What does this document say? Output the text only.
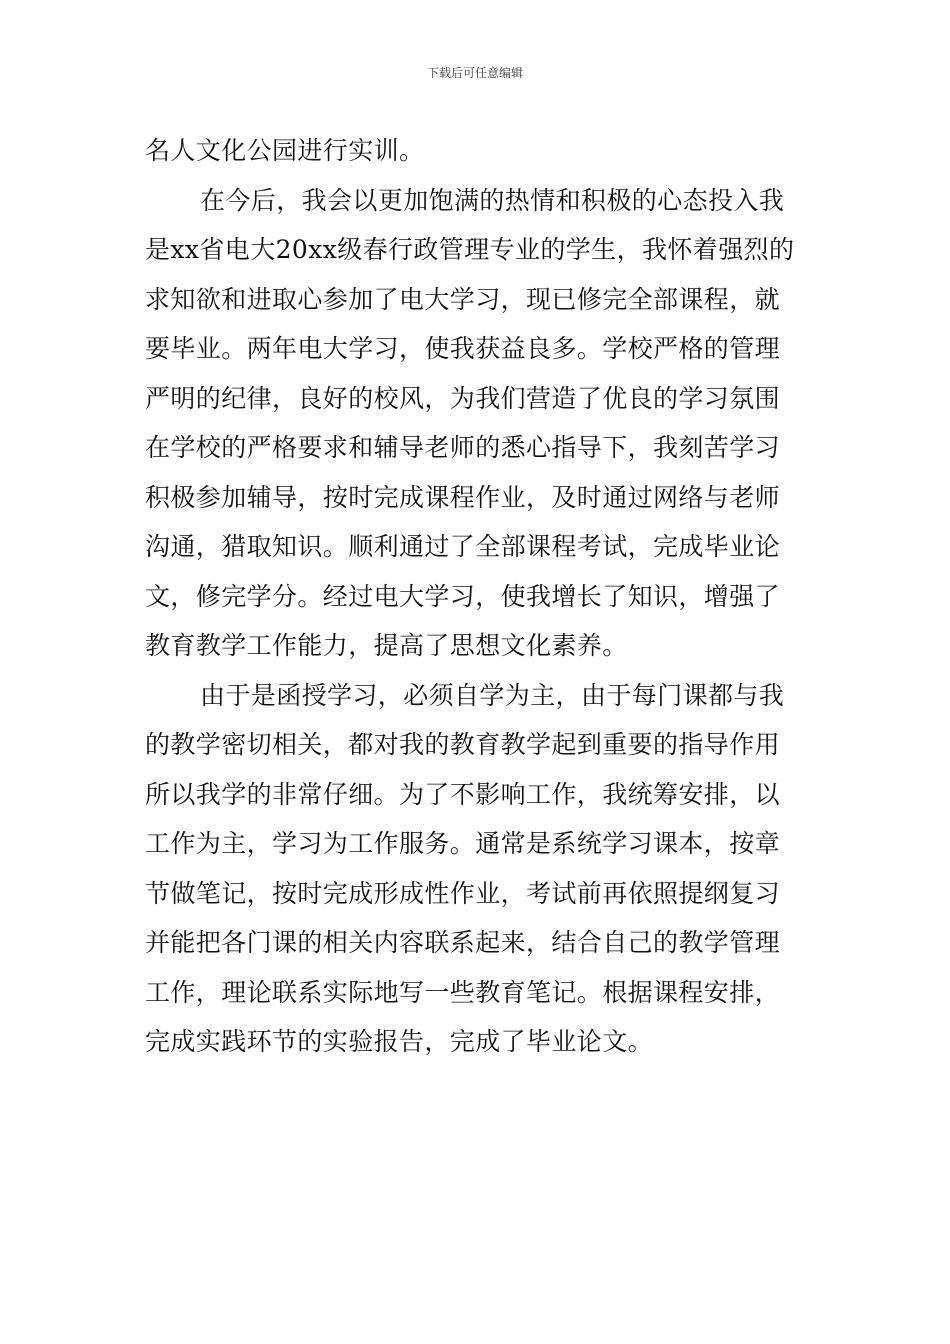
下载后可任意编辑
名人文化公园进行实训。
在今后，我会以更加饱满的热情和积极的心态投入我
是xx省电大20xx级春行政管理专业的学生，我怀着强烈的
求知欲和进取心参加了电大学习，现已修完全部课程，就
要毕业。两年电大学习，使我获益良多。学校严格的管理
严明的纪律，良好的校风，为我们营造了优良的学习氛围
在学校的严格要求和辅导老师的悉心指导下，我刻苦学习
积极参加辅导，按时完成课程作业，及时通过网络与老师
沟通，猎取知识。顺利通过了全部课程考试，完成毕业论
文，修完学分。经过电大学习，使我增长了知识，增强了
教育教学工作能力，提高了思想文化素养。
由于是函授学习，必须自学为主，由于每门课都与我
的教学密切相关，都对我的教育教学起到重要的指导作用
所以我学的非常仔细。为了不影响工作，我统筹安排，以
工作为主，学习为工作服务。通常是系统学习课本，按章
节做笔记，按时完成形成性作业，考试前再依照提纲复习
并能把各门课的相关内容联系起来，结合自己的教学管理
工作，理论联系实际地写一些教育笔记。根据课程安排，
完成实践环节的实验报告，完成了毕业论文。
